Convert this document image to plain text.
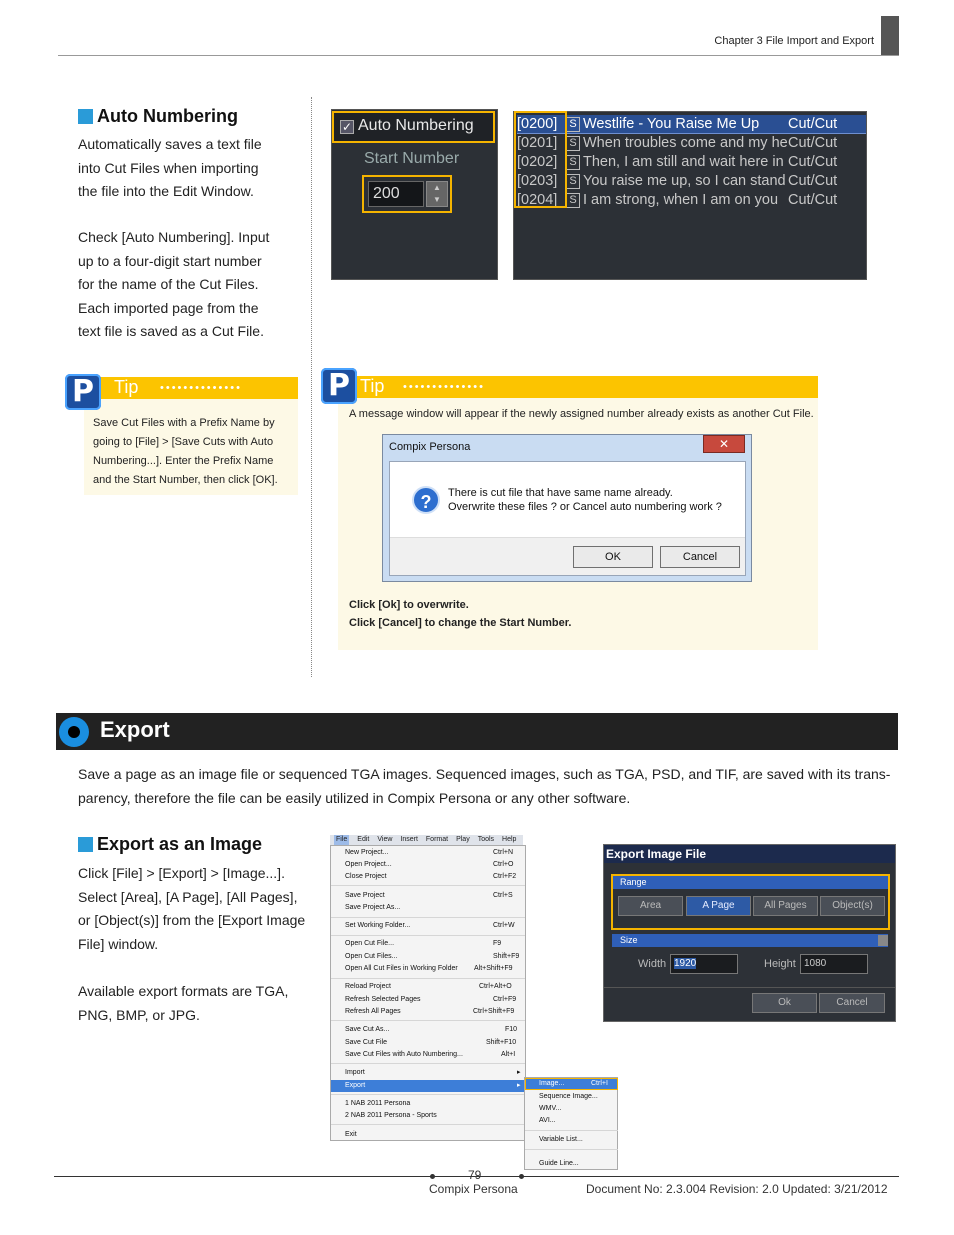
Chapter 3 File Import and Export
Auto Numbering
Automatically saves a text file
into Cut Files when importing
the file into the Edit Window.
Check [Auto Numbering]. Input
up to a four-digit start number
for the name of the Cut Files.
Each imported page from the
text file is saved as a Cut File.
✓ Auto Numbering
Start Number
200	▲
▼
[0200] S Westlife - You Raise Me Up Cut/Cut
[0201] S When troubles come and my heCut/Cut
[0202] S Then, I am still and wait here in Cut/Cut
[0203] S You raise me up, so I can stand Cut/Cut
[0204] S I am strong, when I am on you Cut/Cut
Tip ••••••••••••••
P
Save Cut Files with a Prefix Name by
going to [File] > [Save Cuts with Auto
Numbering...]. Enter the Prefix Name
and the Start Number, then click [OK].
Tip ••••••••••••••
P
A message window will appear if the newly assigned number already exists as another Cut File.
Compix Persona	✕
?	There is cut file that have same name already.
Overwrite these files ? or Cancel auto numbering work ?
OK	Cancel
Click [Ok] to overwrite.
Click [Cancel] to change the Start Number.
Export
Save a page as an image file or sequenced TGA images. Sequenced images, such as TGA, PSD, and TIF, are saved with its trans-
parency, therefore the file can be easily utilized in Compix Persona or any other software.
Export as an Image
Click [File] > [Export] > [Image...].
Select [Area], [A Page], [All Pages],
or [Object(s)] from the [Export Image
File] window.
Available export formats are TGA,
PNG, BMP, or JPG.
File Edit View Insert Format Play Tools Help
New Project...	Ctrl+N
Open Project...	Ctrl+O
Close Project	Ctrl+F2
Save Project	Ctrl+S
Save Project As...
Set Working Folder...	Ctrl+W
Open Cut File...	F9
Open Cut Files...	Shift+F9
Open All Cut Files in Working Folder Alt+Shift+F9
Reload Project	Ctrl+Alt+O
Refresh Selected Pages	Ctrl+F9
Refresh All Pages	Ctrl+Shift+F9
Save Cut As...	F10
Save Cut File	Shift+F10
Save Cut Files with Auto Numbering...	Alt+I
Import	▸
Export	▸
1 NAB 2011 Persona
2 NAB 2011 Persona - Sports
Exit
Image...	Ctrl+I
Sequence Image...
WMV...
AVI...
Variable List...
Guide Line...
Export Image File
Range
Area	A Page	All Pages	Object(s)
Size
Width 1920	Height 1080
Ok	Cancel
79
Compix Persona	Document No: 2.3.004 Revision: 2.0 Updated: 3/21/2012
